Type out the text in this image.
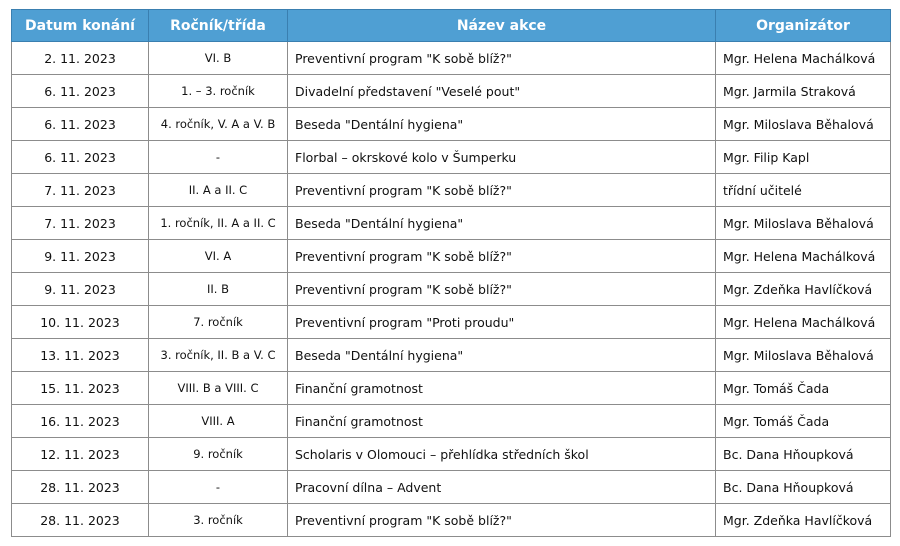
Datum konání	Ročník/třída	Název akce	Organizátor
2. 11. 2023	VI. B	Preventivní program "K sobě blíž?"	Mgr. Helena Machálková
6. 11. 2023	1. – 3. ročník	Divadelní představení "Veselé pout"	Mgr. Jarmila Straková
6. 11. 2023	4. ročník, V. A a V. B	Beseda "Dentální hygiena"	Mgr. Miloslava Běhalová
6. 11. 2023	-	Florbal – okrskové kolo v Šumperku	Mgr. Filip Kapl
7. 11. 2023	II. A a II. C	Preventivní program "K sobě blíž?"	třídní učitelé
7. 11. 2023	1. ročník, II. A a II. C	Beseda "Dentální hygiena"	Mgr. Miloslava Běhalová
9. 11. 2023	VI. A	Preventivní program "K sobě blíž?"	Mgr. Helena Machálková
9. 11. 2023	II. B	Preventivní program "K sobě blíž?"	Mgr. Zdeňka Havlíčková
10. 11. 2023	7. ročník	Preventivní program "Proti proudu"	Mgr. Helena Machálková
13. 11. 2023	3. ročník, II. B a V. C	Beseda "Dentální hygiena"	Mgr. Miloslava Běhalová
15. 11. 2023	VIII. B a VIII. C	Finanční gramotnost	Mgr. Tomáš Čada
16. 11. 2023	VIII. A	Finanční gramotnost	Mgr. Tomáš Čada
12. 11. 2023	9. ročník	Scholaris v Olomouci – přehlídka středních škol	Bc. Dana Hňoupková
28. 11. 2023	-	Pracovní dílna – Advent	Bc. Dana Hňoupková
28. 11. 2023	3. ročník	Preventivní program "K sobě blíž?"	Mgr. Zdeňka Havlíčková
